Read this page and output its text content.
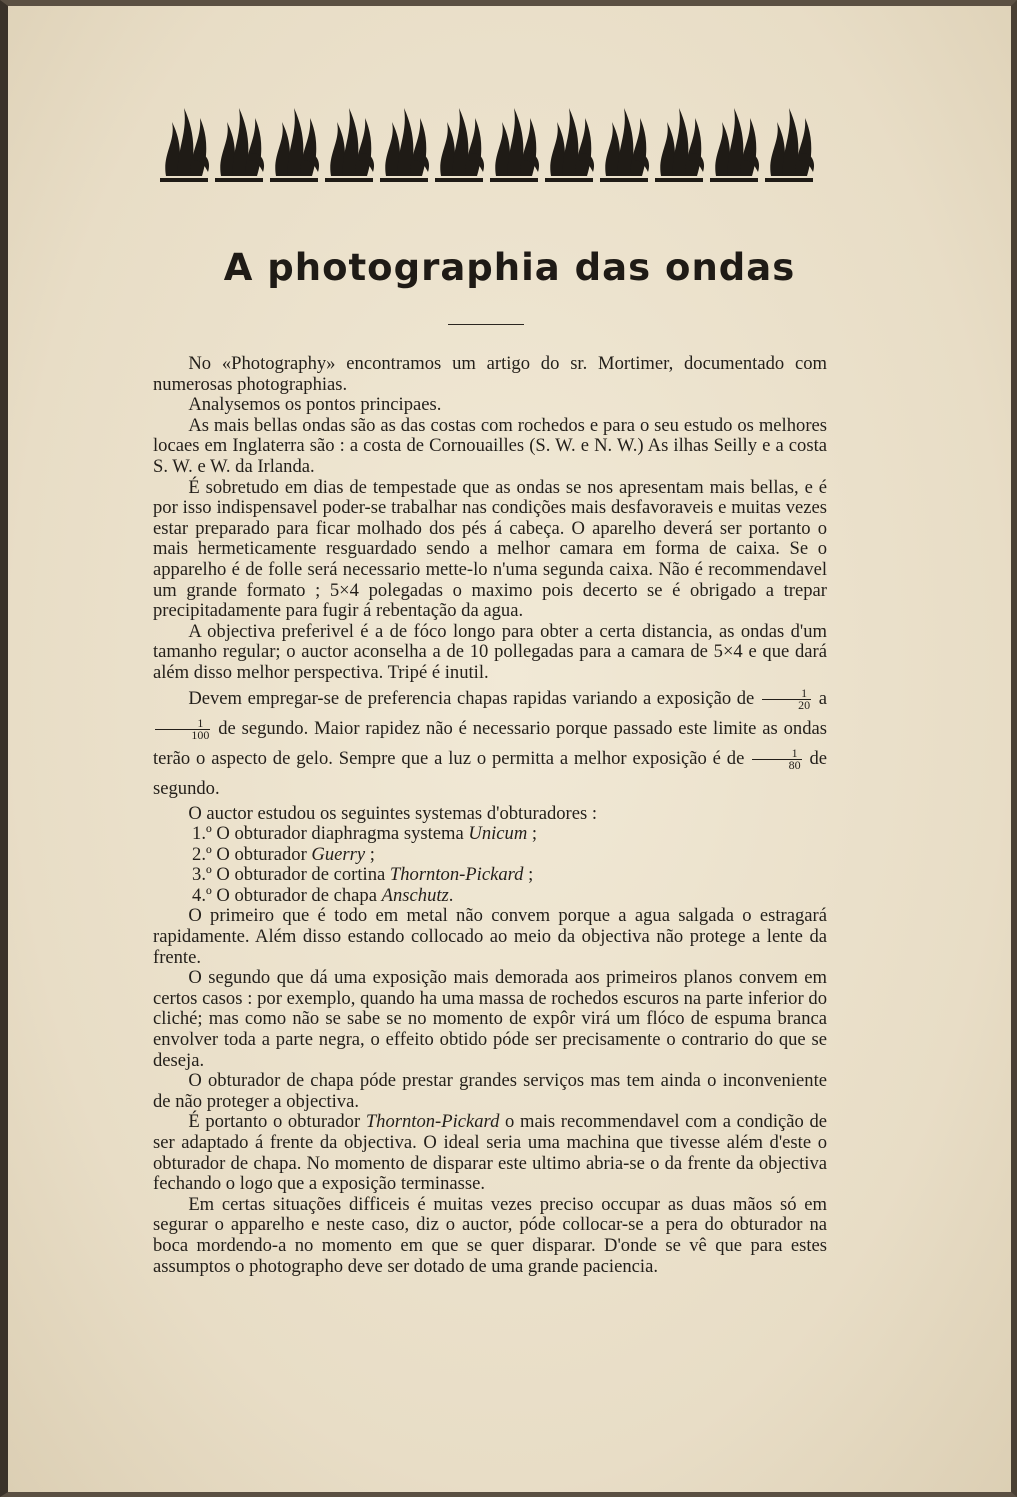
A photographia das ondas

No «Photography» encontramos um artigo do sr. Mortimer, documentado com numerosas photographias.

Analysemos os pontos principaes.

As mais bellas ondas são as das costas com rochedos e para o seu estudo os melhores locaes em Inglaterra são : a costa de Cornouailles (S. W. e N. W.) As ilhas Seilly e a costa S. W. e W. da Irlanda.

É sobretudo em dias de tempestade que as ondas se nos apresentam mais bellas, e é por isso indispensavel poder-se trabalhar nas condições mais desfavoraveis e muitas vezes estar preparado para ficar molhado dos pés á cabeça. O aparelho deverá ser portanto o mais hermeticamente resguardado sendo a melhor camara em forma de caixa. Se o apparelho é de folle será necessario mette-lo n'uma segunda caixa. Não é recommendavel um grande formato ; 5×4 polegadas o maximo pois decerto se é obrigado a trepar precipitadamente para fugir á rebentação da agua.

A objectiva preferivel é a de fóco longo para obter a certa distancia, as ondas d'um tamanho regular; o auctor aconselha a de 10 pollegadas para a camara de 5×4 e que dará além disso melhor perspectiva. Tripé é inutil.

Devem empregar-se de preferencia chapas rapidas variando a exposição de $\frac{1}{20}$ a
$\frac{1}{100}$ de segundo. Maior rapidez não é necessario porque passado este limite as ondas terão o aspecto de gelo. Sempre que a luz o permitta a melhor exposição é de $\frac{1}{80}$ de segundo.

O auctor estudou os seguintes systemas d'obturadores :

1.º O obturador diaphragma systema Unicum ;

2.º O obturador Guerry ;

3.º O obturador de cortina Thornton-Pickard ;

4.º O obturador de chapa Anschutz.

O primeiro que é todo em metal não convem porque a agua salgada o estragará rapidamente. Além disso estando collocado ao meio da objectiva não protege a lente da frente.

O segundo que dá uma exposição mais demorada aos primeiros planos convem em certos casos : por exemplo, quando ha uma massa de rochedos escuros na parte inferior do cliché; mas como não se sabe se no momento de expôr virá um flóco de espuma branca envolver toda a parte negra, o effeito obtido póde ser precisamente o contrario do que se deseja.

O obturador de chapa póde prestar grandes serviços mas tem ainda o inconveniente de não proteger a objectiva.

É portanto o obturador Thornton-Pickard o mais recommendavel com a condição de ser adaptado á frente da objectiva. O ideal seria uma machina que tivesse além d'este o obturador de chapa. No momento de disparar este ultimo abria-se o da frente da objectiva fechando o logo que a exposição terminasse.

Em certas situações difficeis é muitas vezes preciso occupar as duas mãos só em segurar o apparelho e neste caso, diz o auctor, póde collocar-se a pera do obturador na boca mordendo-a no momento em que se quer disparar. D'onde se vê que para estes assumptos o photographo deve ser dotado de uma grande paciencia.
